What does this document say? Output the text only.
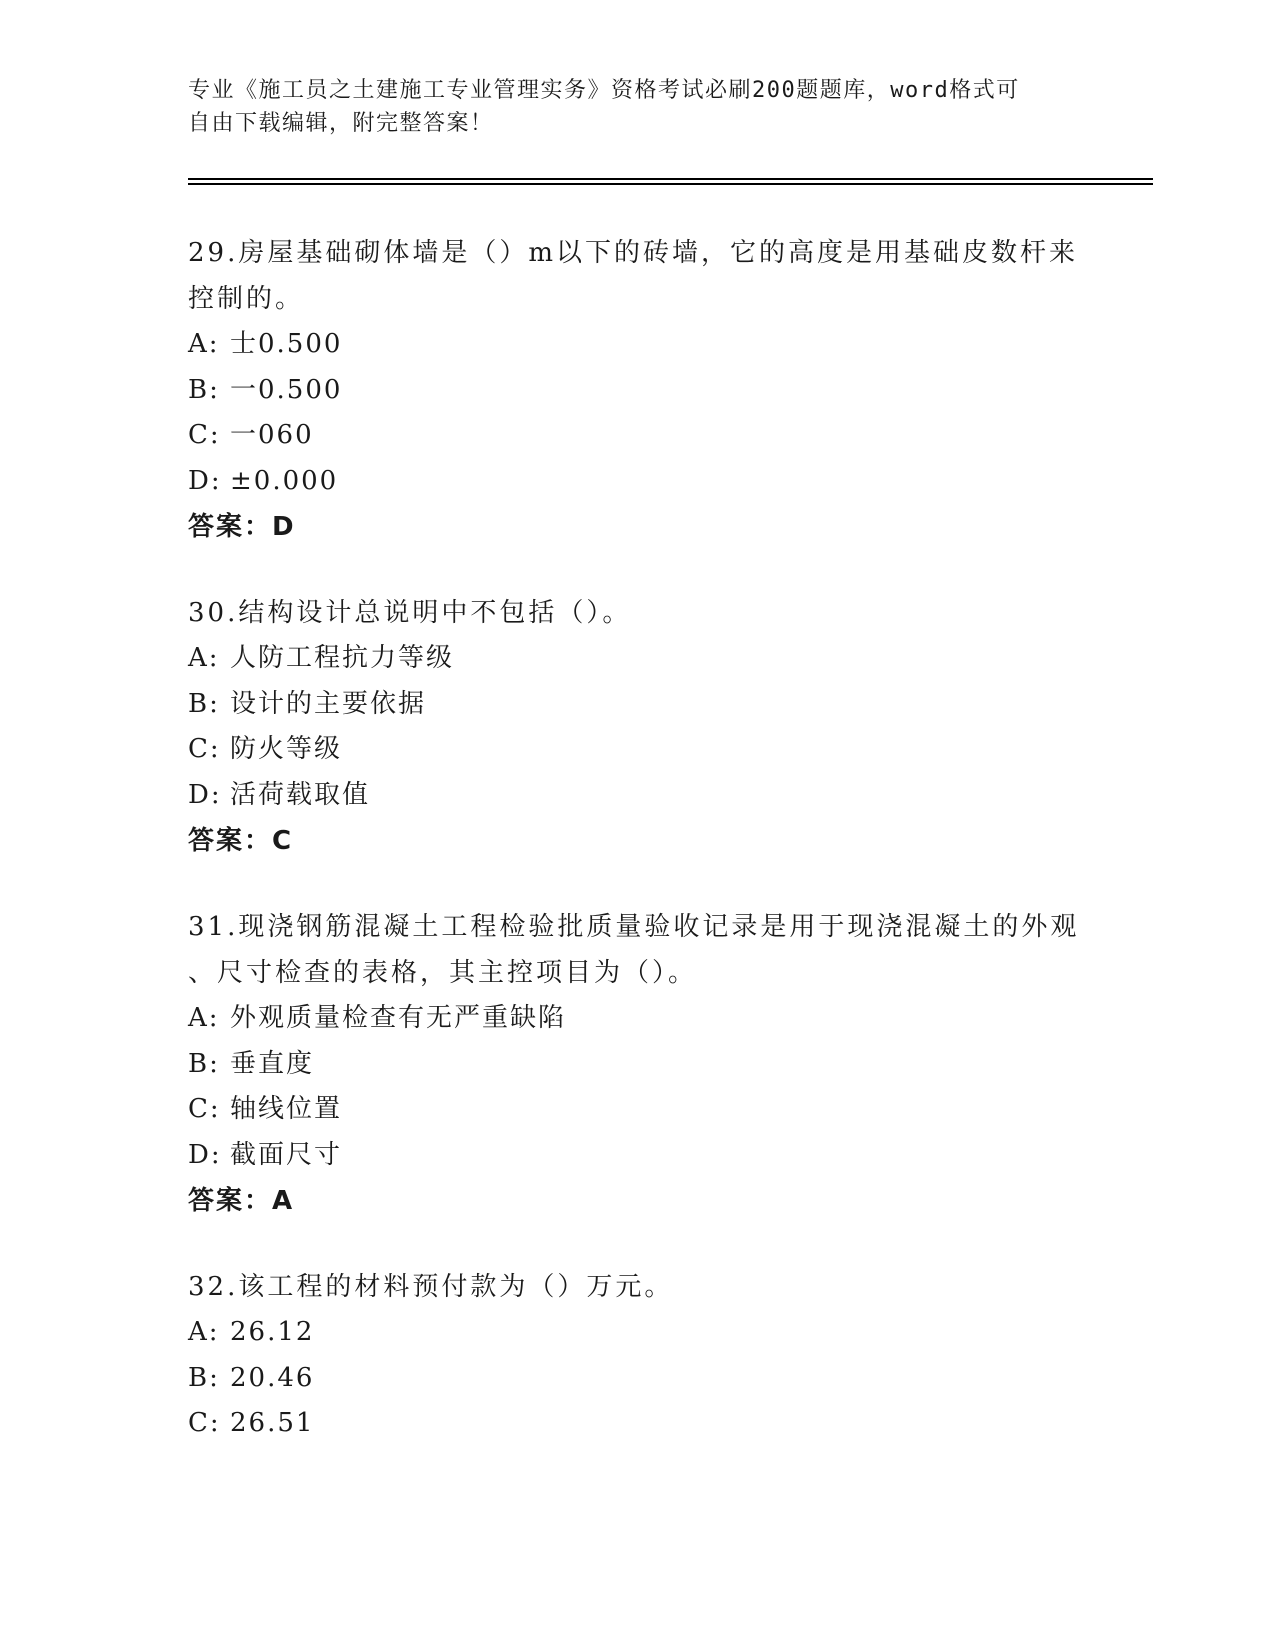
专业《施工员之土建施工专业管理实务》资格考试必刷200题题库，word格式可
自由下载编辑，附完整答案！
29.房屋基础砌体墙是（）m以下的砖墙，它的高度是用基础皮数杆来
控制的。
A: 士0.500
B: 一0.500
C: 一060
D: ±0.000
答案：D
30.结构设计总说明中不包括（）。
A: 人防工程抗力等级
B: 设计的主要依据
C: 防火等级
D: 活荷载取值
答案：C
31.现浇钢筋混凝土工程检验批质量验收记录是用于现浇混凝土的外观
、尺寸检查的表格，其主控项目为（）。
A: 外观质量检查有无严重缺陷
B: 垂直度
C: 轴线位置
D: 截面尺寸
答案：A
32.该工程的材料预付款为（）万元。
A: 26.12
B: 20.46
C: 26.51
